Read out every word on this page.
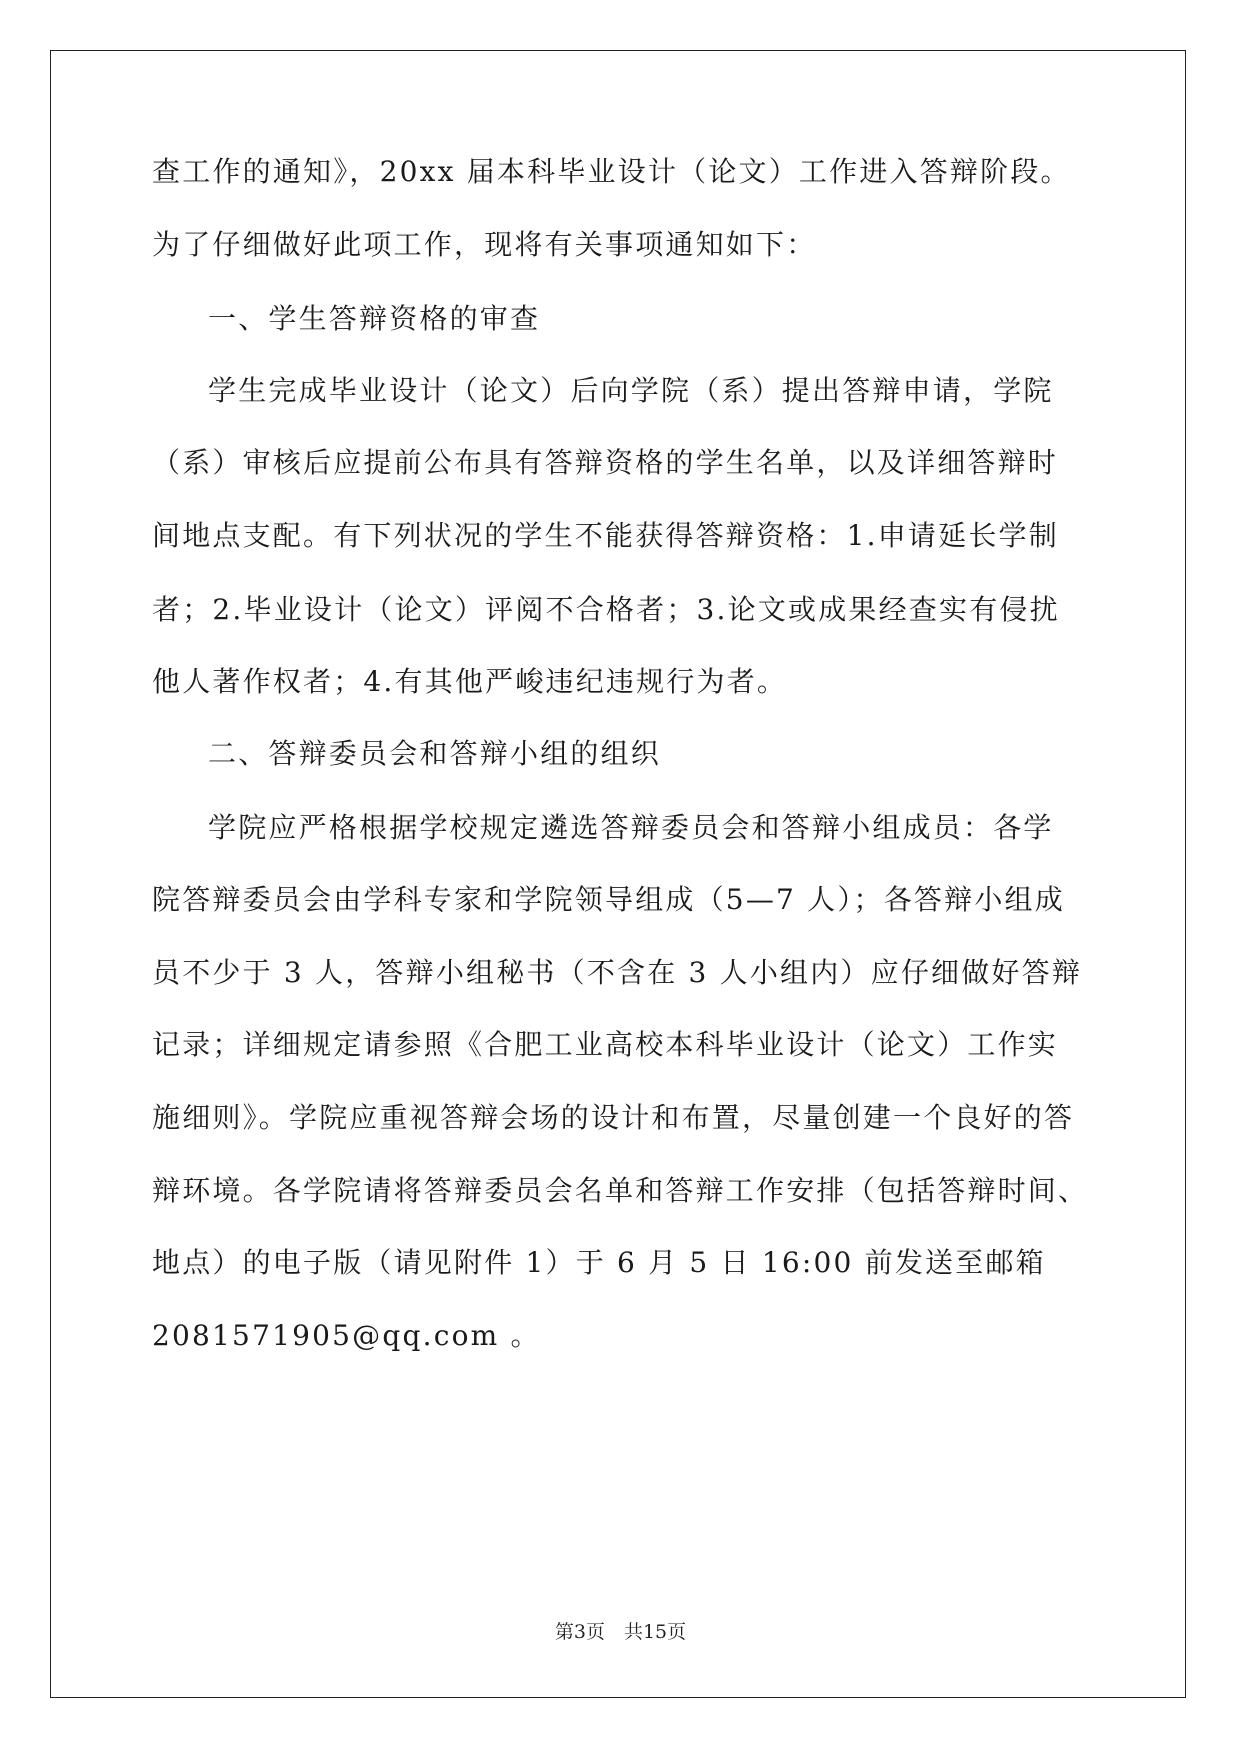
查工作的通知》，20xx 届本科毕业设计（论文）工作进入答辩阶段。
为了仔细做好此项工作，现将有关事项通知如下：
一、学生答辩资格的审查
学生完成毕业设计（论文）后向学院（系）提出答辩申请，学院
（系）审核后应提前公布具有答辩资格的学生名单，以及详细答辩时
间地点支配。有下列状况的学生不能获得答辩资格：1.申请延长学制
者；2.毕业设计（论文）评阅不合格者；3.论文或成果经查实有侵扰
他人著作权者；4.有其他严峻违纪违规行为者。
二、答辩委员会和答辩小组的组织
学院应严格根据学校规定遴选答辩委员会和答辩小组成员：各学
院答辩委员会由学科专家和学院领导组成（5—7 人）；各答辩小组成
员不少于 3 人，答辩小组秘书（不含在 3 人小组内）应仔细做好答辩
记录；详细规定请参照《合肥工业高校本科毕业设计（论文）工作实
施细则》。学院应重视答辩会场的设计和布置，尽量创建一个良好的答
辩环境。各学院请将答辩委员会名单和答辩工作安排（包括答辩时间、
地点）的电子版（请见附件 1）于 6 月 5 日 16:00 前发送至邮箱
2081571905@qq.com 。
第3页　共15页
